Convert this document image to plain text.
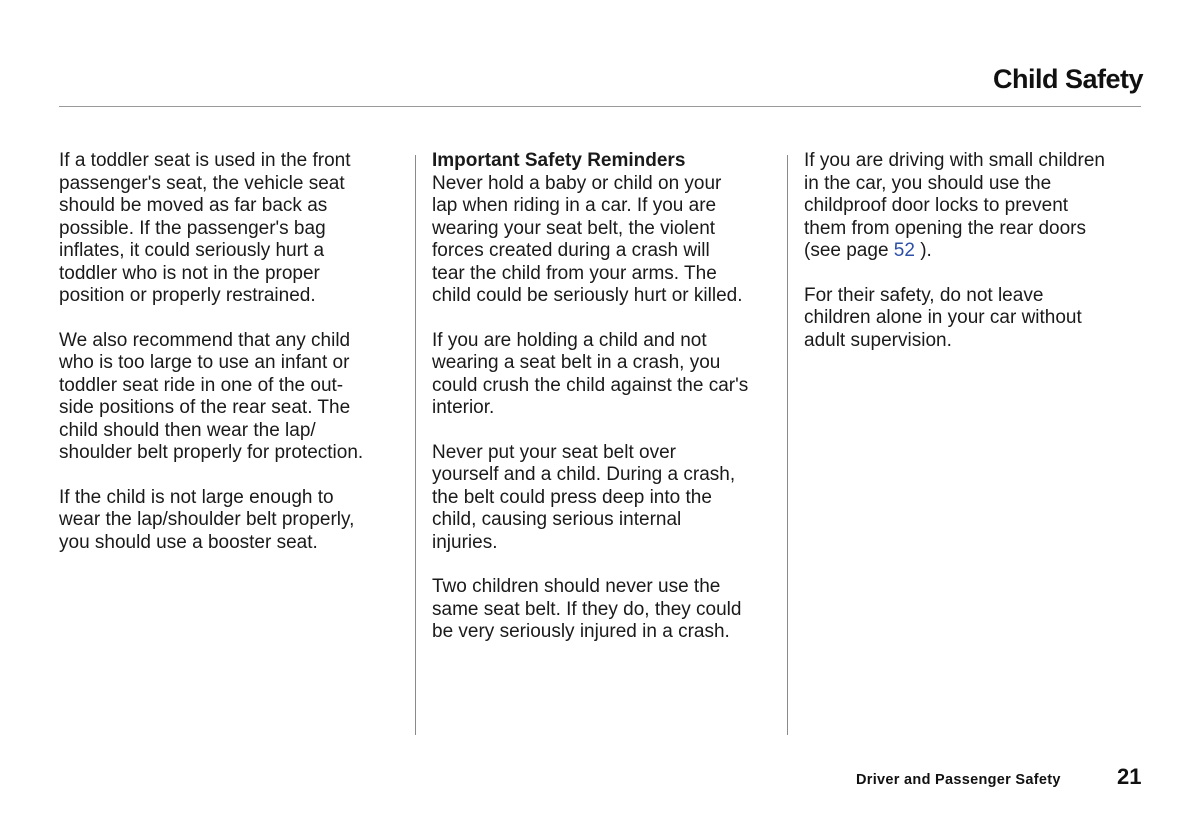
Child Safety

If a toddler seat is used in the front
passenger's seat, the vehicle seat
should be moved as far back as
possible. If the passenger's bag
inflates, it could seriously hurt a
toddler who is not in the proper
position or properly restrained.

We also recommend that any child
who is too large to use an infant or
toddler seat ride in one of the out-
side positions of the rear seat. The
child should then wear the lap/
shoulder belt properly for protection.

If the child is not large enough to
wear the lap/shoulder belt properly,
you should use a booster seat.

Important Safety Reminders
Never hold a baby or child on your
lap when riding in a car. If you are
wearing your seat belt, the violent
forces created during a crash will
tear the child from your arms. The
child could be seriously hurt or killed.

If you are holding a child and not
wearing a seat belt in a crash, you
could crush the child against the car's
interior.

Never put your seat belt over
yourself and a child. During a crash,
the belt could press deep into the
child, causing serious internal
injuries.

Two children should never use the
same seat belt. If they do, they could
be very seriously injured in a crash.

If you are driving with small children
in the car, you should use the
childproof door locks to prevent
them from opening the rear doors
(see page 52 ).

For their safety, do not leave
children alone in your car without
adult supervision.

Driver and Passenger Safety	21
